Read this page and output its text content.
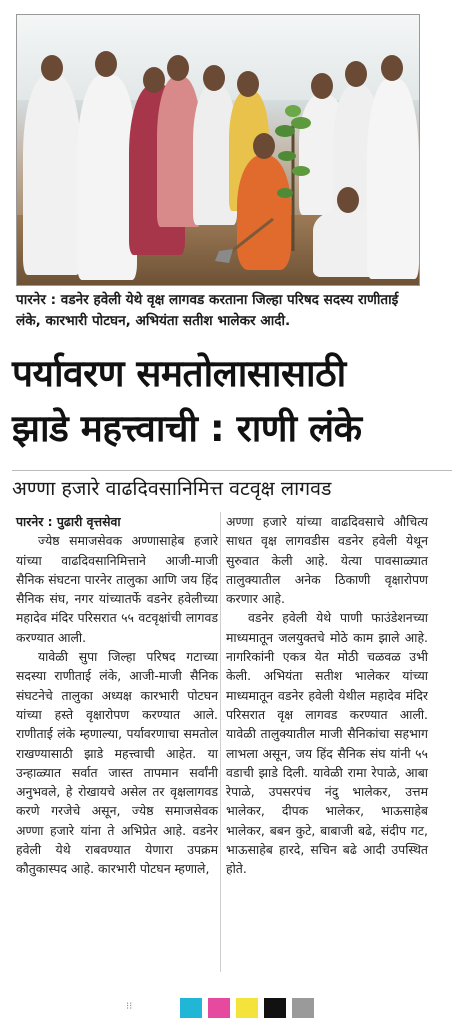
पारनेर : वडनेर हवेली येथे वृक्ष लागवड करताना जिल्हा परिषद सदस्य राणीताई लंके, कारभारी पोटघन, अभियंता सतीश भालेकर आदी.
पर्यावरण समतोलासासाठी
झाडे महत्त्वाची : राणी लंके
अण्णा हजारे वाढदिवसानिमित्त वटवृक्ष लागवड

पारनेर : पुढारी वृत्तसेवा

ज्येष्ठ समाजसेवक अण्णासाहेब हजारे यांच्या वाढदिवसानिमित्ताने आजी-माजी सैनिक संघटना पारनेर तालुका आणि जय हिंद सैनिक संघ, नगर यांच्यातर्फे वडनेर हवेलीच्या महादेव मंदिर परिसरात ५५ वटवृक्षांची लागवड करण्यात आली.

यावेळी सुपा जिल्हा परिषद गटाच्या सदस्या राणीताई लंके, आजी-माजी सैनिक संघटनेचे तालुका अध्यक्ष कारभारी पोटघन यांच्या हस्ते वृक्षारोपण करण्यात आले. राणीताई लंके म्हणाल्या, पर्यावरणाचा समतोल राखण्यासाठी झाडे महत्त्वाची आहेत. या उन्हाळ्यात सर्वात जास्त तापमान सर्वांनी अनुभवले, हे रोखायचे असेल तर वृक्षलागवड करणे गरजेचे असून, ज्येष्ठ समाजसेवक अण्णा हजारे यांना ते अभिप्रेत आहे. वडनेर हवेली येथे राबवण्यात येणारा उपक्रम कौतुकास्पद आहे. कारभारी पोटघन म्हणाले,

अण्णा हजारे यांच्या वाढदिवसाचे औचित्य साधत वृक्ष लागवडीस वडनेर हवेली येथून सुरुवात केली आहे. येत्या पावसाळ्यात तालुक्यातील अनेक ठिकाणी वृक्षारोपण करणार आहे.

वडनेर हवेली येथे पाणी फाउंडेशनच्या माध्यमातून जलयुक्तचे मोठे काम झाले आहे. नागरिकांनी एकत्र येत मोठी चळवळ उभी केली. अभियंता सतीश भालेकर यांच्या माध्यमातून वडनेर हवेली येथील महादेव मंदिर परिसरात वृक्ष लागवड करण्यात आली. यावेळी तालुक्यातील माजी सैनिकांचा सहभाग लाभला असून, जय हिंद सैनिक संघ यांनी ५५ वडाची झाडे दिली. यावेळी रामा रेपाळे, आबा रेपाळे, उपसरपंच नंदु भालेकर, उत्तम भालेकर, दीपक भालेकर, भाऊसाहेब भालेकर, बबन कुटे, बाबाजी बढे, संदीप गट, भाऊसाहेब हारदे, सचिन बढे आदी उपस्थित होते.

⁝⁝
